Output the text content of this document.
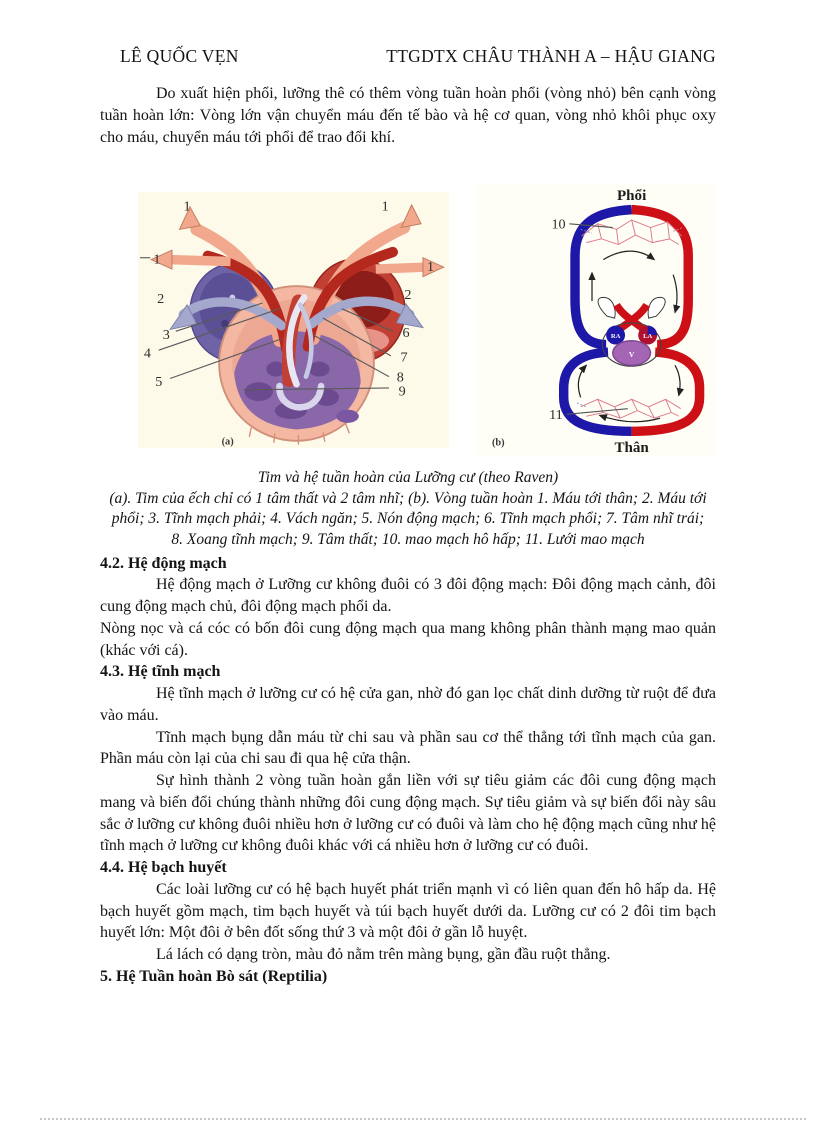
LÊ QUỐC VẸN	TTGDTX CHÂU THÀNH A – HẬU GIANG

Do xuất hiện phổi, lưỡng thê có thêm vòng tuần hoàn phổi (vòng nhỏ) bên cạnh vòng tuần hoàn lớn: Vòng lớn vận chuyển máu đến tế bào và hệ cơ quan, vòng nhỏ khôi phục oxy cho máu, chuyển máu tới phổi để trao đổi khí.

1	1
1	1
2	2
3
4
5
6
7
8
9
(a)
RA	LA
V
10
11
Phổi
Thân
(b)
Tim và hệ tuần hoàn của Lưỡng cư (theo Raven)
(a). Tim của ếch chỉ có 1 tâm thất và 2 tâm nhĩ; (b). Vòng tuần hoàn 1. Máu tới thân; 2. Máu tới phổi; 3. Tĩnh mạch phải; 4. Vách ngăn; 5. Nón động mạch; 6. Tĩnh mạch phổi; 7. Tâm nhĩ trái; 8. Xoang tĩnh mạch; 9. Tâm thất; 10. mao mạch hô hấp; 11. Lưới mao mạch
4.2. Hệ động mạch

Hệ động mạch ở Lưỡng cư không đuôi có 3 đôi động mạch: Đôi động mạch cảnh, đôi cung động mạch chủ, đôi động mạch phổi da.

Nòng nọc và cá cóc có bốn đôi cung động mạch qua mang không phân thành mạng mao quản (khác với cá).

4.3. Hệ tĩnh mạch

Hệ tĩnh mạch ở lưỡng cư có hệ cửa gan, nhờ đó gan lọc chất dinh dưỡng từ ruột để đưa vào máu.

Tĩnh mạch bụng dẫn máu từ chi sau và phần sau cơ thể thẳng tới tĩnh mạch của gan. Phần máu còn lại của chi sau đi qua hệ cửa thận.

Sự hình thành 2 vòng tuần hoàn gắn liền với sự tiêu giảm các đôi cung động mạch mang và biến đổi chúng thành những đôi cung động mạch. Sự tiêu giảm và sự biến đổi này sâu sắc ở lưỡng cư không đuôi nhiều hơn ở lưỡng cư có đuôi và làm cho hệ động mạch cũng như hệ tĩnh mạch ở lưỡng cư không đuôi khác với cá nhiều hơn ở lưỡng cư có đuôi.

4.4. Hệ bạch huyết

Các loài lưỡng cư có hệ bạch huyết phát triển mạnh vì có liên quan đến hô hấp da. Hệ bạch huyết gồm mạch, tim bạch huyết và túi bạch huyết dưới da. Lưỡng cư có 2 đôi tim bạch huyết lớn: Một đôi ở bên đốt sống thứ 3 và một đôi ở gần lỗ huyệt.

Lá lách có dạng tròn, màu đỏ nằm trên màng bụng, gần đầu ruột thẳng.

5. Hệ Tuần hoàn Bò sát (Reptilia)
